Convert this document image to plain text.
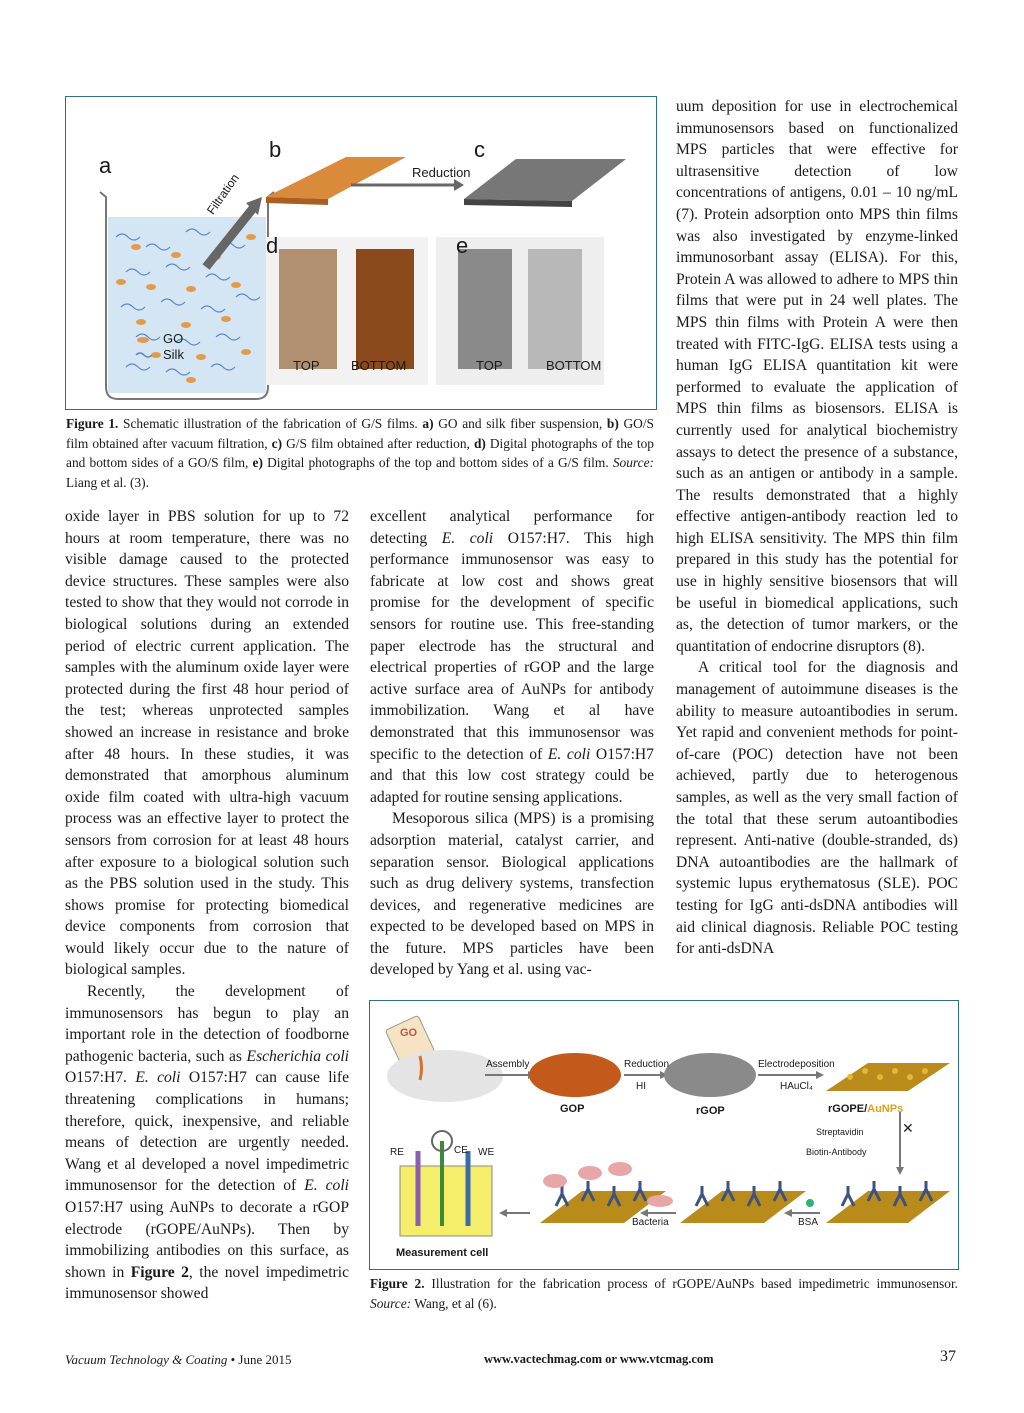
a
b	c
d	e
Filtration	Reduction
GO
Silk
TOP BOTTOM	TOP	BOTTOM
Figure 1. Schematic illustration of the fabrication of G/S films. a) GO and silk fiber suspension, b) GO/S film obtained after vacuum filtration, c) G/S film obtained after reduction, d) Digital photographs of the top and bottom sides of a GO/S film, e) Digital photographs of the top and bottom sides of a G/S film. Source: Liang et al. (3).

oxide layer in PBS solution for up to 72 hours at room temperature, there was no visible damage caused to the protected device structures. These samples were also tested to show that they would not corrode in biological solutions during an extended period of electric current application. The samples with the aluminum oxide layer were protected during the first 48 hour period of the test; whereas unprotected samples showed an increase in resistance and broke after 48 hours. In these studies, it was demonstrated that amorphous aluminum oxide film coated with ultra-high vacuum process was an effective layer to protect the sensors from corrosion for at least 48 hours after exposure to a biological solution such as the PBS solution used in the study. This shows promise for protecting biomedical device components from corrosion that would likely occur due to the nature of biological samples.

Recently, the development of immunosensors has begun to play an important role in the detection of foodborne pathogenic bacteria, such as Escherichia coli O157:H7. E. coli O157:H7 can cause life threatening complications in humans; therefore, quick, inexpensive, and reliable means of detection are urgently needed. Wang et al developed a novel impedimetric immunosensor for the detection of E. coli O157:H7 using AuNPs to decorate a rGOP electrode (rGOPE/AuNPs). Then by immobilizing antibodies on this surface, as shown in Figure 2, the novel impedimetric immunosensor showed

excellent analytical performance for detecting E. coli O157:H7. This high performance immunosensor was easy to fabricate at low cost and shows great promise for the development of specific sensors for routine use. This free-standing paper electrode has the structural and electrical properties of rGOP and the large active surface area of AuNPs for antibody immobilization. Wang et al have demonstrated that this immunosensor was specific to the detection of E. coli O157:H7 and that this low cost strategy could be adapted for routine sensing applications.

Mesoporous silica (MPS) is a promising adsorption material, catalyst carrier, and separation sensor. Biological applications such as drug delivery systems, transfection devices, and regenerative medicines are expected to be developed based on MPS in the future. MPS particles have been developed by Yang et al. using vac-

uum deposition for use in electrochemical immunosensors based on functionalized MPS particles that were effective for ultrasensitive detection of low concentrations of antigens, 0.01 – 10 ng/mL (7). Protein adsorption onto MPS thin films was also investigated by enzyme-linked immunosorbant assay (ELISA). For this, Protein A was allowed to adhere to MPS thin films that were put in 24 well plates. The MPS thin films with Protein A were then treated with FITC-IgG. ELISA tests using a human IgG ELISA quantitation kit were performed to evaluate the application of MPS thin films as biosensors. ELISA is currently used for analytical biochemistry assays to detect the presence of a substance, such as an antigen or antibody in a sample. The results demonstrated that a highly effective antigen-antibody reaction led to high ELISA sensitivity. The MPS thin film prepared in this study has the potential for use in highly sensitive biosensors that will be useful in biomedical applications, such as, the detection of tumor markers, or the quantitation of endocrine disruptors (8).

A critical tool for the diagnosis and management of autoimmune diseases is the ability to measure autoantibodies in serum. Yet rapid and convenient methods for point-of-care (POC) detection have not been achieved, partly due to heterogenous samples, as well as the very small faction of the total that these serum autoantibodies represent. Anti-native (double-stranded, ds) DNA autoantibodies are the hallmark of systemic lupus erythematosus (SLE). POC testing for IgG anti-dsDNA antibodies will aid clinical diagnosis. Reliable POC testing for anti-dsDNA

✕
GO
Assembly	Reduction
HI
Electrodeposition
HAuCl₄
GOP	rGOP	rGOPE/AuNPs
Streptavidin
Biotin-Antibody
RE	CE WE
Bacteria	BSA
Measurement cell
Figure 2. Illustration for the fabrication process of rGOPE/AuNPs based impedimetric immunosensor. Source: Wang, et al (6).
Vacuum Technology & Coating • June 2015	www.vactechmag.com or www.vtcmag.com	37
